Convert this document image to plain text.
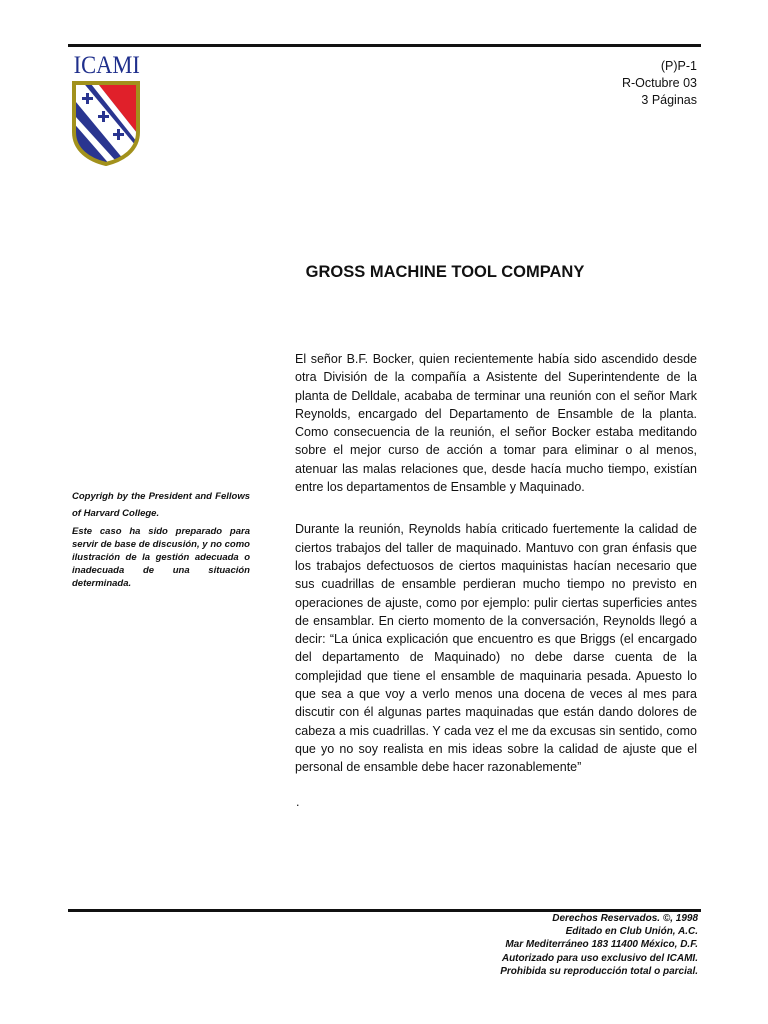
ICAMI	(P)P-1
R-Octubre 03
3 Páginas
GROSS MACHINE TOOL COMPANY
Copyrigh by the President and Fellows of Harvard College.
Este caso ha sido preparado para servir de base de discusión, y no como ilustración de la gestión adecuada o inadecuada de una situación determinada.

El señor B.F. Bocker, quien recientemente había sido ascendido desde otra División de la compañía a Asistente del Superintendente de la planta de Delldale, acababa de terminar una reunión con el señor Mark Reynolds, encargado del Departamento de Ensamble de la planta. Como consecuencia de la reunión, el señor Bocker estaba meditando sobre el mejor curso de acción a tomar para eliminar o al menos, atenuar las malas relaciones que, desde hacía mucho tiempo, existían entre los departamentos de Ensamble y Maquinado.

Durante la reunión, Reynolds había criticado fuertemente la calidad de ciertos trabajos del taller de maquinado. Mantuvo con gran énfasis que los trabajos defectuosos de ciertos maquinistas hacían necesario que sus cuadrillas de ensamble perdieran mucho tiempo no previsto en operaciones de ajuste, como por ejemplo: pulir ciertas superficies antes de ensamblar. En cierto momento de la conversación, Reynolds llegó a decir: “La única explicación que encuentro es que Briggs (el encargado del departamento de Maquinado) no debe darse cuenta de la complejidad que tiene el ensamble de maquinaria pesada. Apuesto lo que sea a que voy a verlo menos una docena de veces al mes para discutir con él algunas partes maquinadas que están dando dolores de cabeza a mis cuadrillas. Y cada vez el me da excusas sin sentido, como que yo no soy realista en mis ideas sobre la calidad de ajuste que el personal de ensamble debe hacer razonablemente”

.
Derechos Reservados. ©, 1998
Editado en Club Unión, A.C.
Mar Mediterráneo 183 11400 México, D.F.
Autorizado para uso exclusivo del ICAMI.
Prohibida su reproducción total o parcial.
